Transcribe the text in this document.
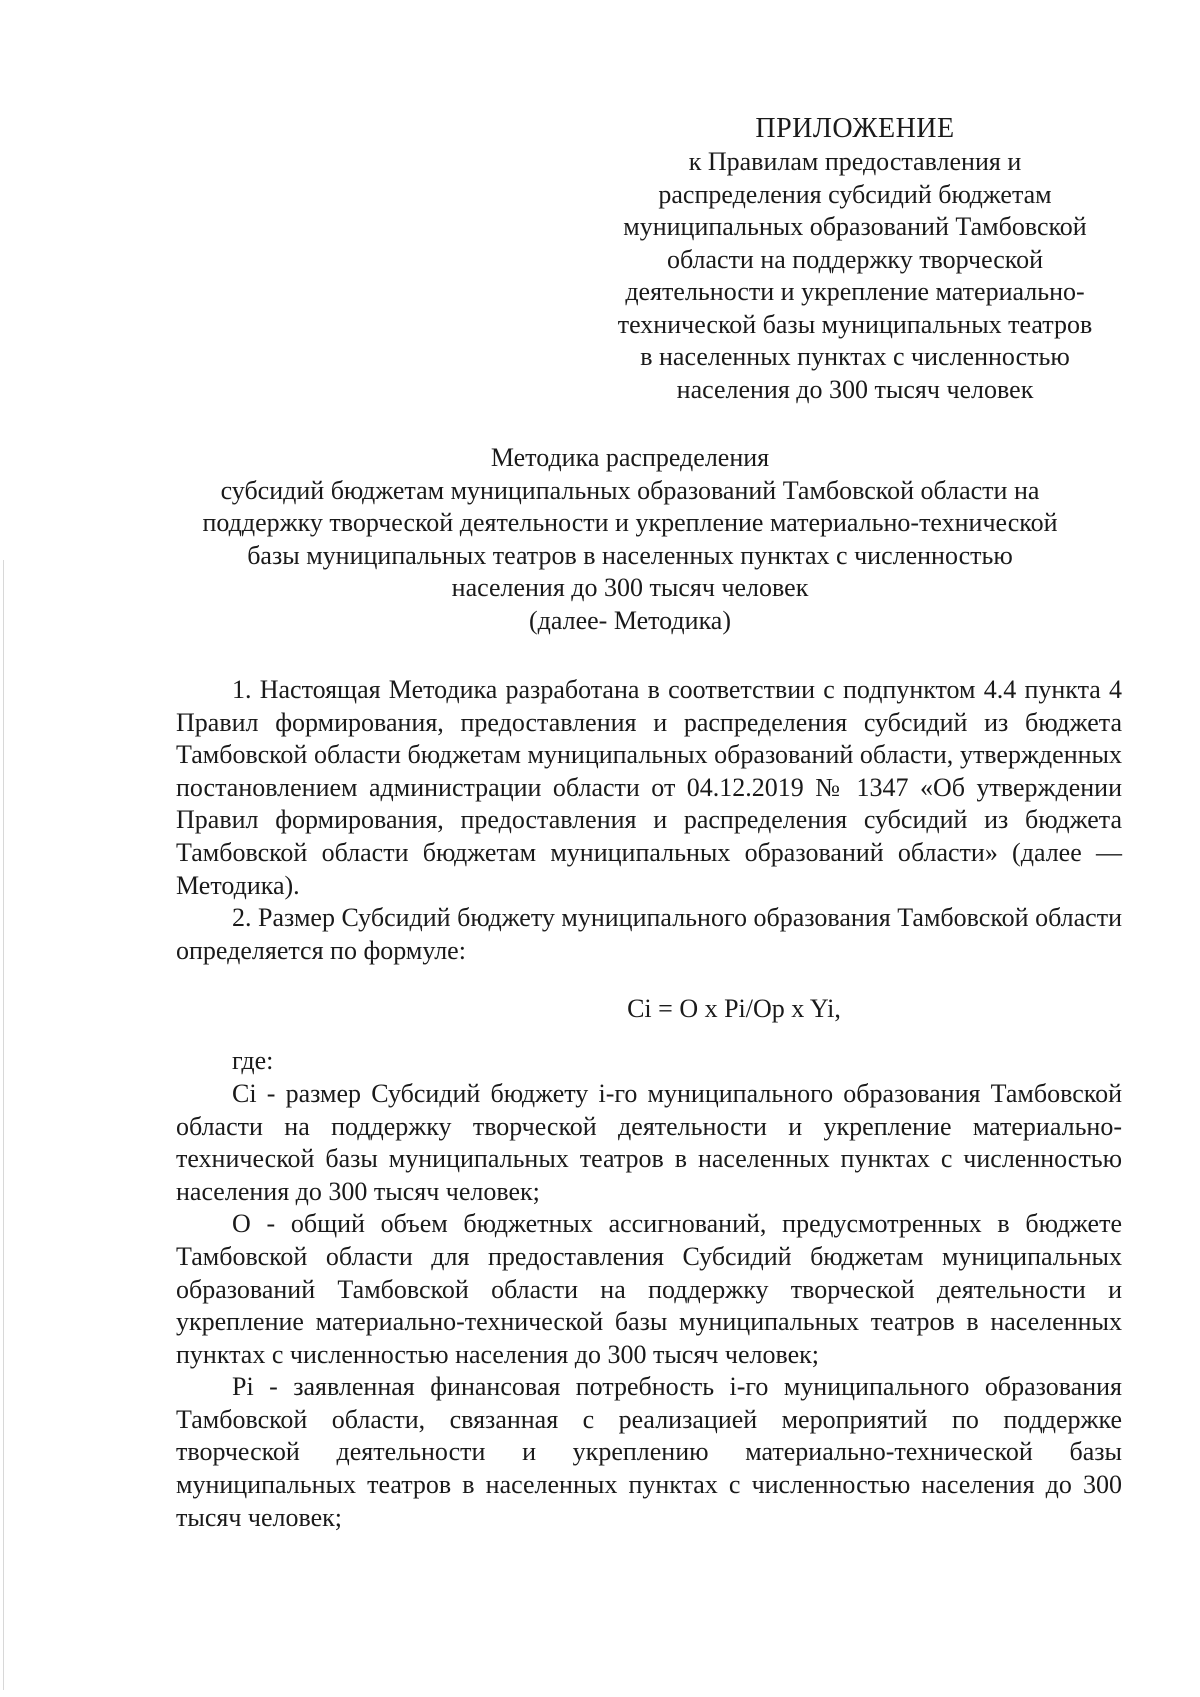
ПРИЛОЖЕНИЕ
к Правилам предоставления и
распределения субсидий бюджетам
муниципальных образований Тамбовской
области на поддержку творческой
деятельности и укрепление материально-
технической базы муниципальных театров
в населенных пунктах с численностью
населения до 300 тысяч человек
Методика распределения
субсидий бюджетам муниципальных образований Тамбовской области на
поддержку творческой деятельности и укрепление материально-технической
базы муниципальных театров в населенных пунктах с численностью
населения до 300 тысяч человек
(далее- Методика)

1. Настоящая Методика разработана в соответствии с подпунктом 4.4 пункта 4 Правил формирования, предоставления и распределения субсидий из бюджета Тамбовской области бюджетам муниципальных образований области, утвержденных постановлением администрации области от 04.12.2019 № 1347 «Об утверждении Правил формирования, предоставления и распределения субсидий из бюджета Тамбовской области бюджетам муниципальных образований области» (далее — Методика).

2. Размер Субсидий бюджету муниципального образования Тамбовской области определяется по формуле:

Ci = O x Pi/Op x Yi,
где:

Ci - размер Субсидий бюджету i-го муниципального образования Тамбовской области на поддержку творческой деятельности и укрепление материально-технической базы муниципальных театров в населенных пунктах с численностью населения до 300 тысяч человек;

О - общий объем бюджетных ассигнований, предусмотренных в бюджете Тамбовской области для предоставления Субсидий бюджетам муниципальных образований Тамбовской области на поддержку творческой деятельности и укрепление материально-технической базы муниципальных театров в населенных пунктах с численностью населения до 300 тысяч человек;

Pi - заявленная финансовая потребность i-го муниципального образования Тамбовской области, связанная с реализацией мероприятий по поддержке творческой деятельности и укреплению материально-технической базы муниципальных театров в населенных пунктах с численностью населения до 300 тысяч человек;
